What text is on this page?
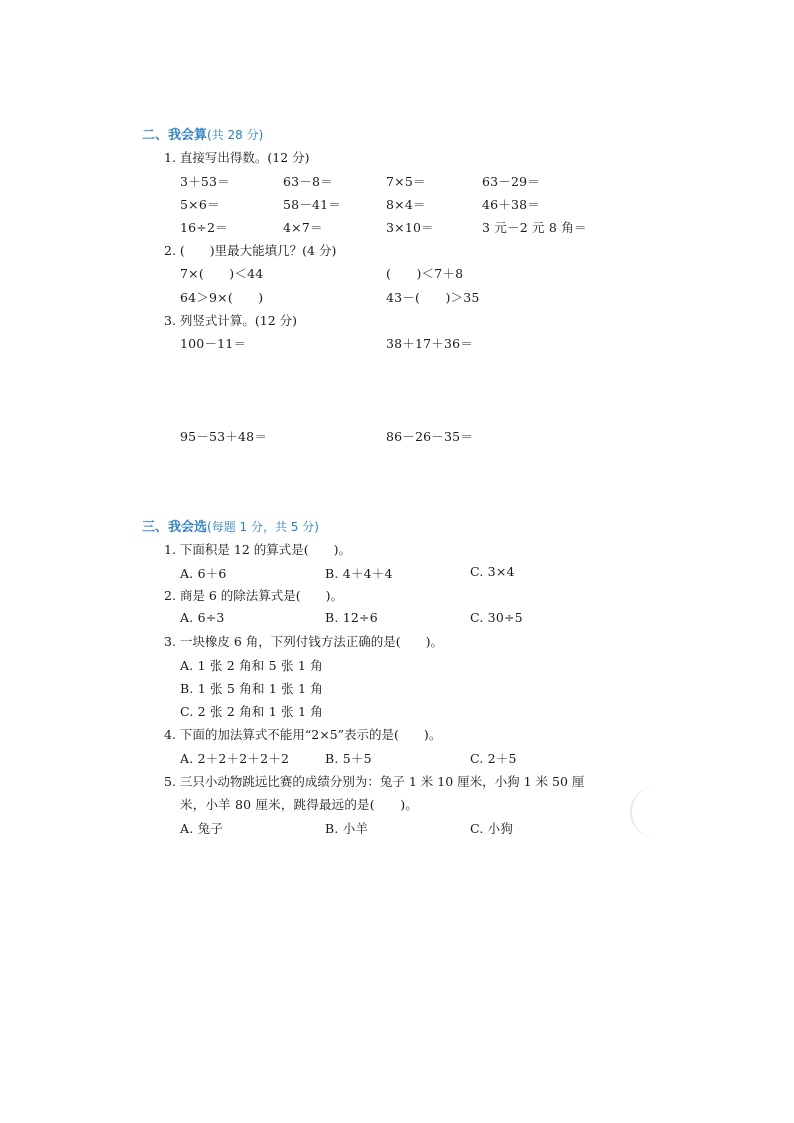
二、我会算(共 28 分)
1. 直接写出得数。(12 分)
3＋53＝	63－8＝	7×5＝	63－29＝
5×6＝	58－41＝	8×4＝	46＋38＝
16÷2＝	4×7＝	3×10＝	3 元－2 元 8 角＝
2. (　　)里最大能填几？(4 分)
7×(　　)＜44	(　　)＜7＋8
64＞9×(　　)	43－(　　)＞35
3. 列竖式计算。(12 分)
100－11＝	38＋17＋36＝
95－53＋48＝	86－26－35＝
三、我会选(每题 1 分，共 5 分)
1. 下面积是 12 的算式是(　　)。
A. 6＋6	B. 4＋4＋4	C. 3×4
2. 商是 6 的除法算式是(　　)。
A. 6÷3	B. 12÷6	C. 30÷5
3. 一块橡皮 6 角，下列付钱方法正确的是(　　)。
A. 1 张 2 角和 5 张 1 角
B. 1 张 5 角和 1 张 1 角
C. 2 张 2 角和 1 张 1 角
4. 下面的加法算式不能用“2×5”表示的是(　　)。
A. 2＋2＋2＋2＋2	B. 5＋5	C. 2＋5
5. 三只小动物跳远比赛的成绩分别为：兔子 1 米 10 厘米，小狗 1 米 50 厘
米，小羊 80 厘米，跳得最远的是(　　)。
A. 兔子	B. 小羊	C. 小狗
